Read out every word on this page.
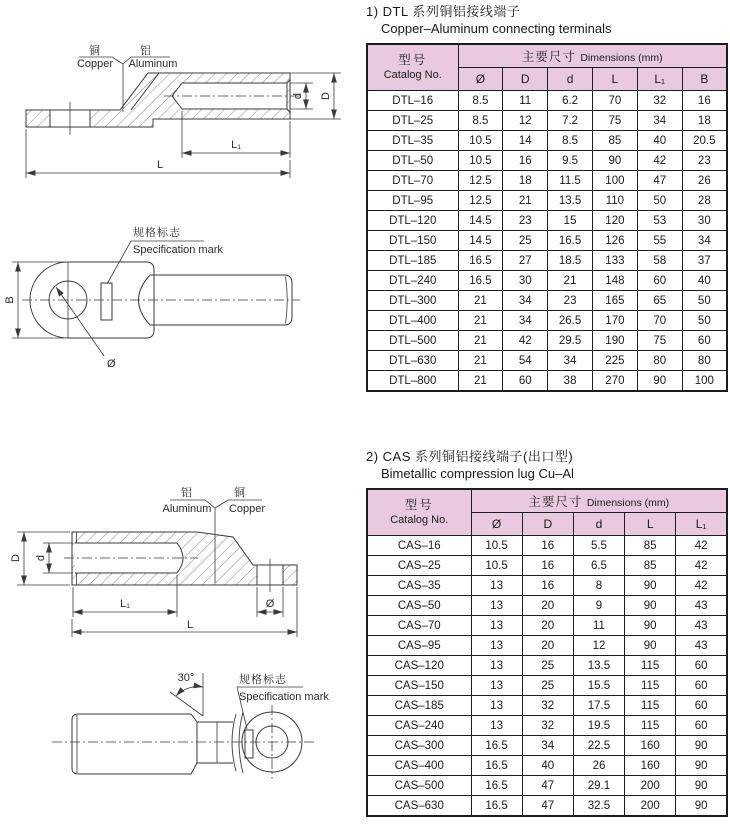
铜
Copper
铝
Aluminum
d D
L₁
L
规格标志
Specification mark
B
Ø
铝
Aluminum
铜
Copper
D d
L₁	Ø
L
30°	规格标志
Specification mark
1) DTL 系列铜铝接线端子
Copper–Aluminum connecting terminals
型号
Catalog No.	主要尺寸 Dimensions (mm)					
	Ø	D	d	L	L₁	B
DTL–16	8.5	11	6.2	70	32	16
DTL–25	8.5	12	7.2	75	34	18
DTL–35	10.5	14	8.5	85	40	20.5
DTL–50	10.5	16	9.5	90	42	23
DTL–70	12.5	18	11.5	100	47	26
DTL–95	12.5	21	13.5	110	50	28
DTL–120	14.5	23	15	120	53	30
DTL–150	14.5	25	16.5	126	55	34
DTL–185	16.5	27	18.5	133	58	37
DTL–240	16.5	30	21	148	60	40
DTL–300	21	34	23	165	65	50
DTL–400	21	34	26.5	170	70	50
DTL–500	21	42	29.5	190	75	60
DTL–630	21	54	34	225	80	80
DTL–800	21	60	38	270	90	100
2) CAS 系列铜铝接线端子(出口型)
Bimetallic compression lug Cu–Al
型号
Catalog No.	主要尺寸 Dimensions (mm)				
	Ø	D	d	L	L₁
CAS–16	10.5	16	5.5	85	42
CAS–25	10.5	16	6.5	85	42
CAS–35	13	16	8	90	42
CAS–50	13	20	9	90	43
CAS–70	13	20	11	90	43
CAS–95	13	20	12	90	43
CAS–120	13	25	13.5	115	60
CAS–150	13	25	15.5	115	60
CAS–185	13	32	17.5	115	60
CAS–240	13	32	19.5	115	60
CAS–300	16.5	34	22.5	160	90
CAS–400	16.5	40	26	160	90
CAS–500	16.5	47	29.1	200	90
CAS–630	16.5	47	32.5	200	90
